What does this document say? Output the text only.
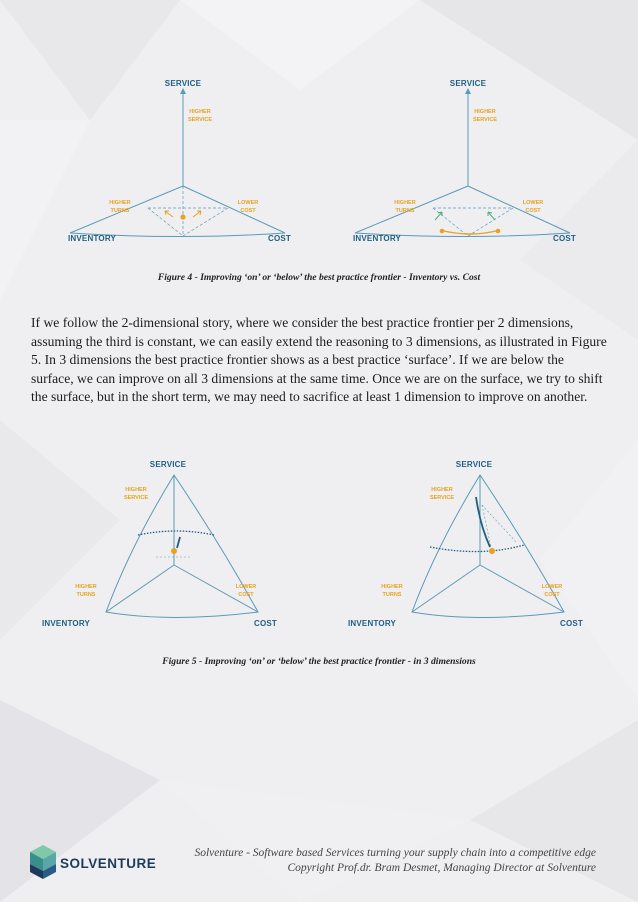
SERVICE
HIGHER
SERVICE
HIGHER
TURNS
LOWER
COST
INVENTORY	COST
SERVICE
HIGHER
SERVICE
HIGHER
TURNS
LOWER
COST
INVENTORY	COST
Figure 4 - Improving ‘on’ or ‘below’ the best practice frontier - Inventory vs. Cost
If we follow the 2-dimensional story, where we consider the best practice frontier per 2 dimensions, assuming the third is constant, we can easily extend the reasoning to 3 dimensions, as illustrated in Figure 5. In 3 dimensions the best practice frontier shows as a best practice ‘surface’. If we are below the surface, we can improve on all 3 dimensions at the same time. Once we are on the surface, we try to shift the surface, but in the short term, we may need to sacrifice at least 1 dimension to improve on another.
SERVICE
HIGHER
SERVICE
HIGHER
TURNS
LOWER
COST
INVENTORY	COST
SERVICE
HIGHER
SERVICE
HIGHER
TURNS
LOWER
COST
INVENTORY	COST
Figure 5 - Improving ‘on’ or ‘below’ the best practice frontier - in 3 dimensions
SOLVENTURE
Solventure - Software based Services turning your supply chain into a competitive edge
Copyright Prof.dr. Bram Desmet, Managing Director at Solventure
